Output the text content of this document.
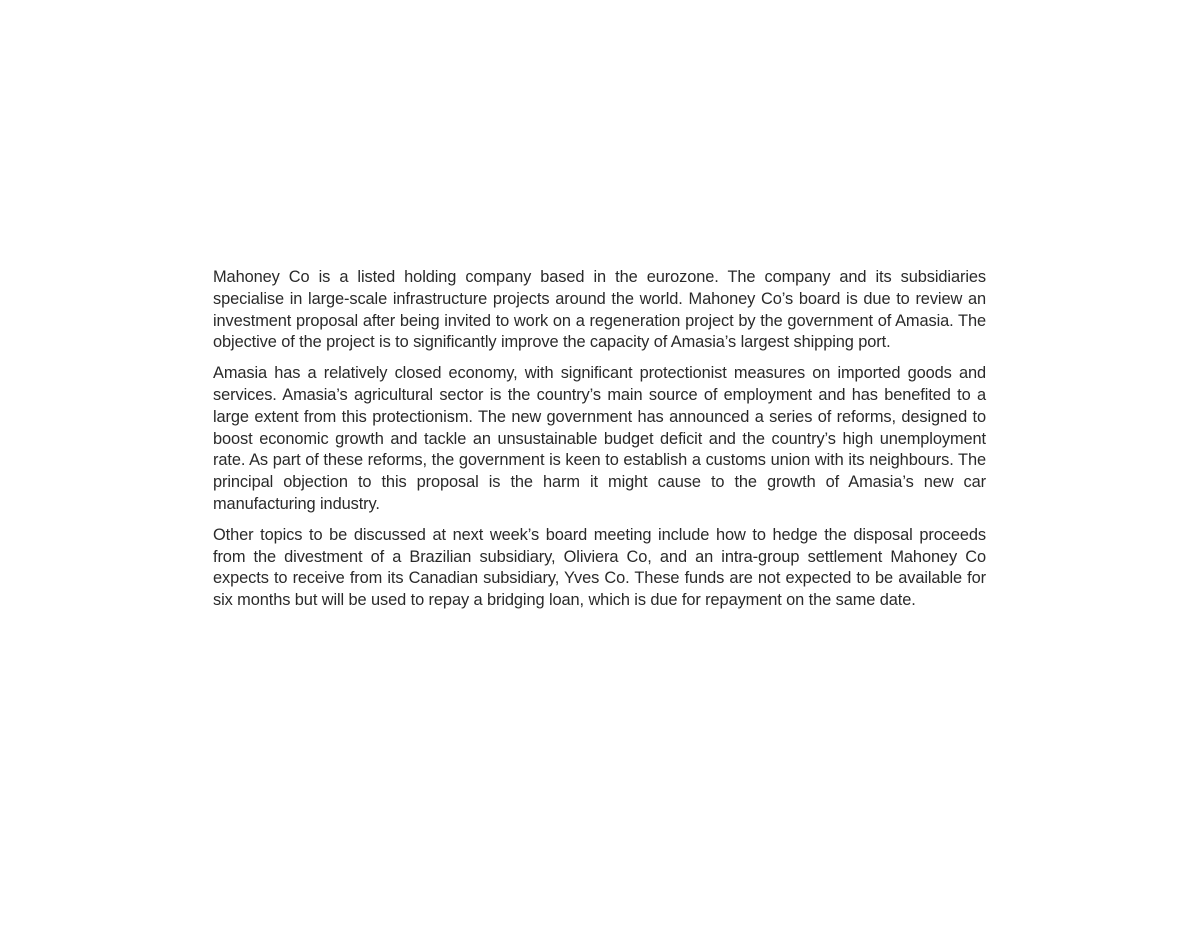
Mahoney Co is a listed holding company based in the eurozone. The company and its subsidiaries specialise in large-scale infrastructure projects around the world. Mahoney Co’s board is due to review an investment proposal after being invited to work on a regeneration project by the government of Amasia. The objective of the project is to significantly improve the capacity of Amasia’s largest shipping port.

Amasia has a relatively closed economy, with significant protectionist measures on imported goods and services. Amasia’s agricultural sector is the country’s main source of employment and has benefited to a large extent from this protectionism. The new government has announced a series of reforms, designed to boost economic growth and tackle an unsustainable budget deficit and the country’s high unemployment rate. As part of these reforms, the government is keen to establish a customs union with its neighbours. The principal objection to this proposal is the harm it might cause to the growth of Amasia’s new car manufacturing industry.

Other topics to be discussed at next week’s board meeting include how to hedge the disposal proceeds from the divestment of a Brazilian subsidiary, Oliviera Co, and an intra-group settlement Mahoney Co expects to receive from its Canadian subsidiary, Yves Co. These funds are not expected to be available for six months but will be used to repay a bridging loan, which is due for repayment on the same date.
